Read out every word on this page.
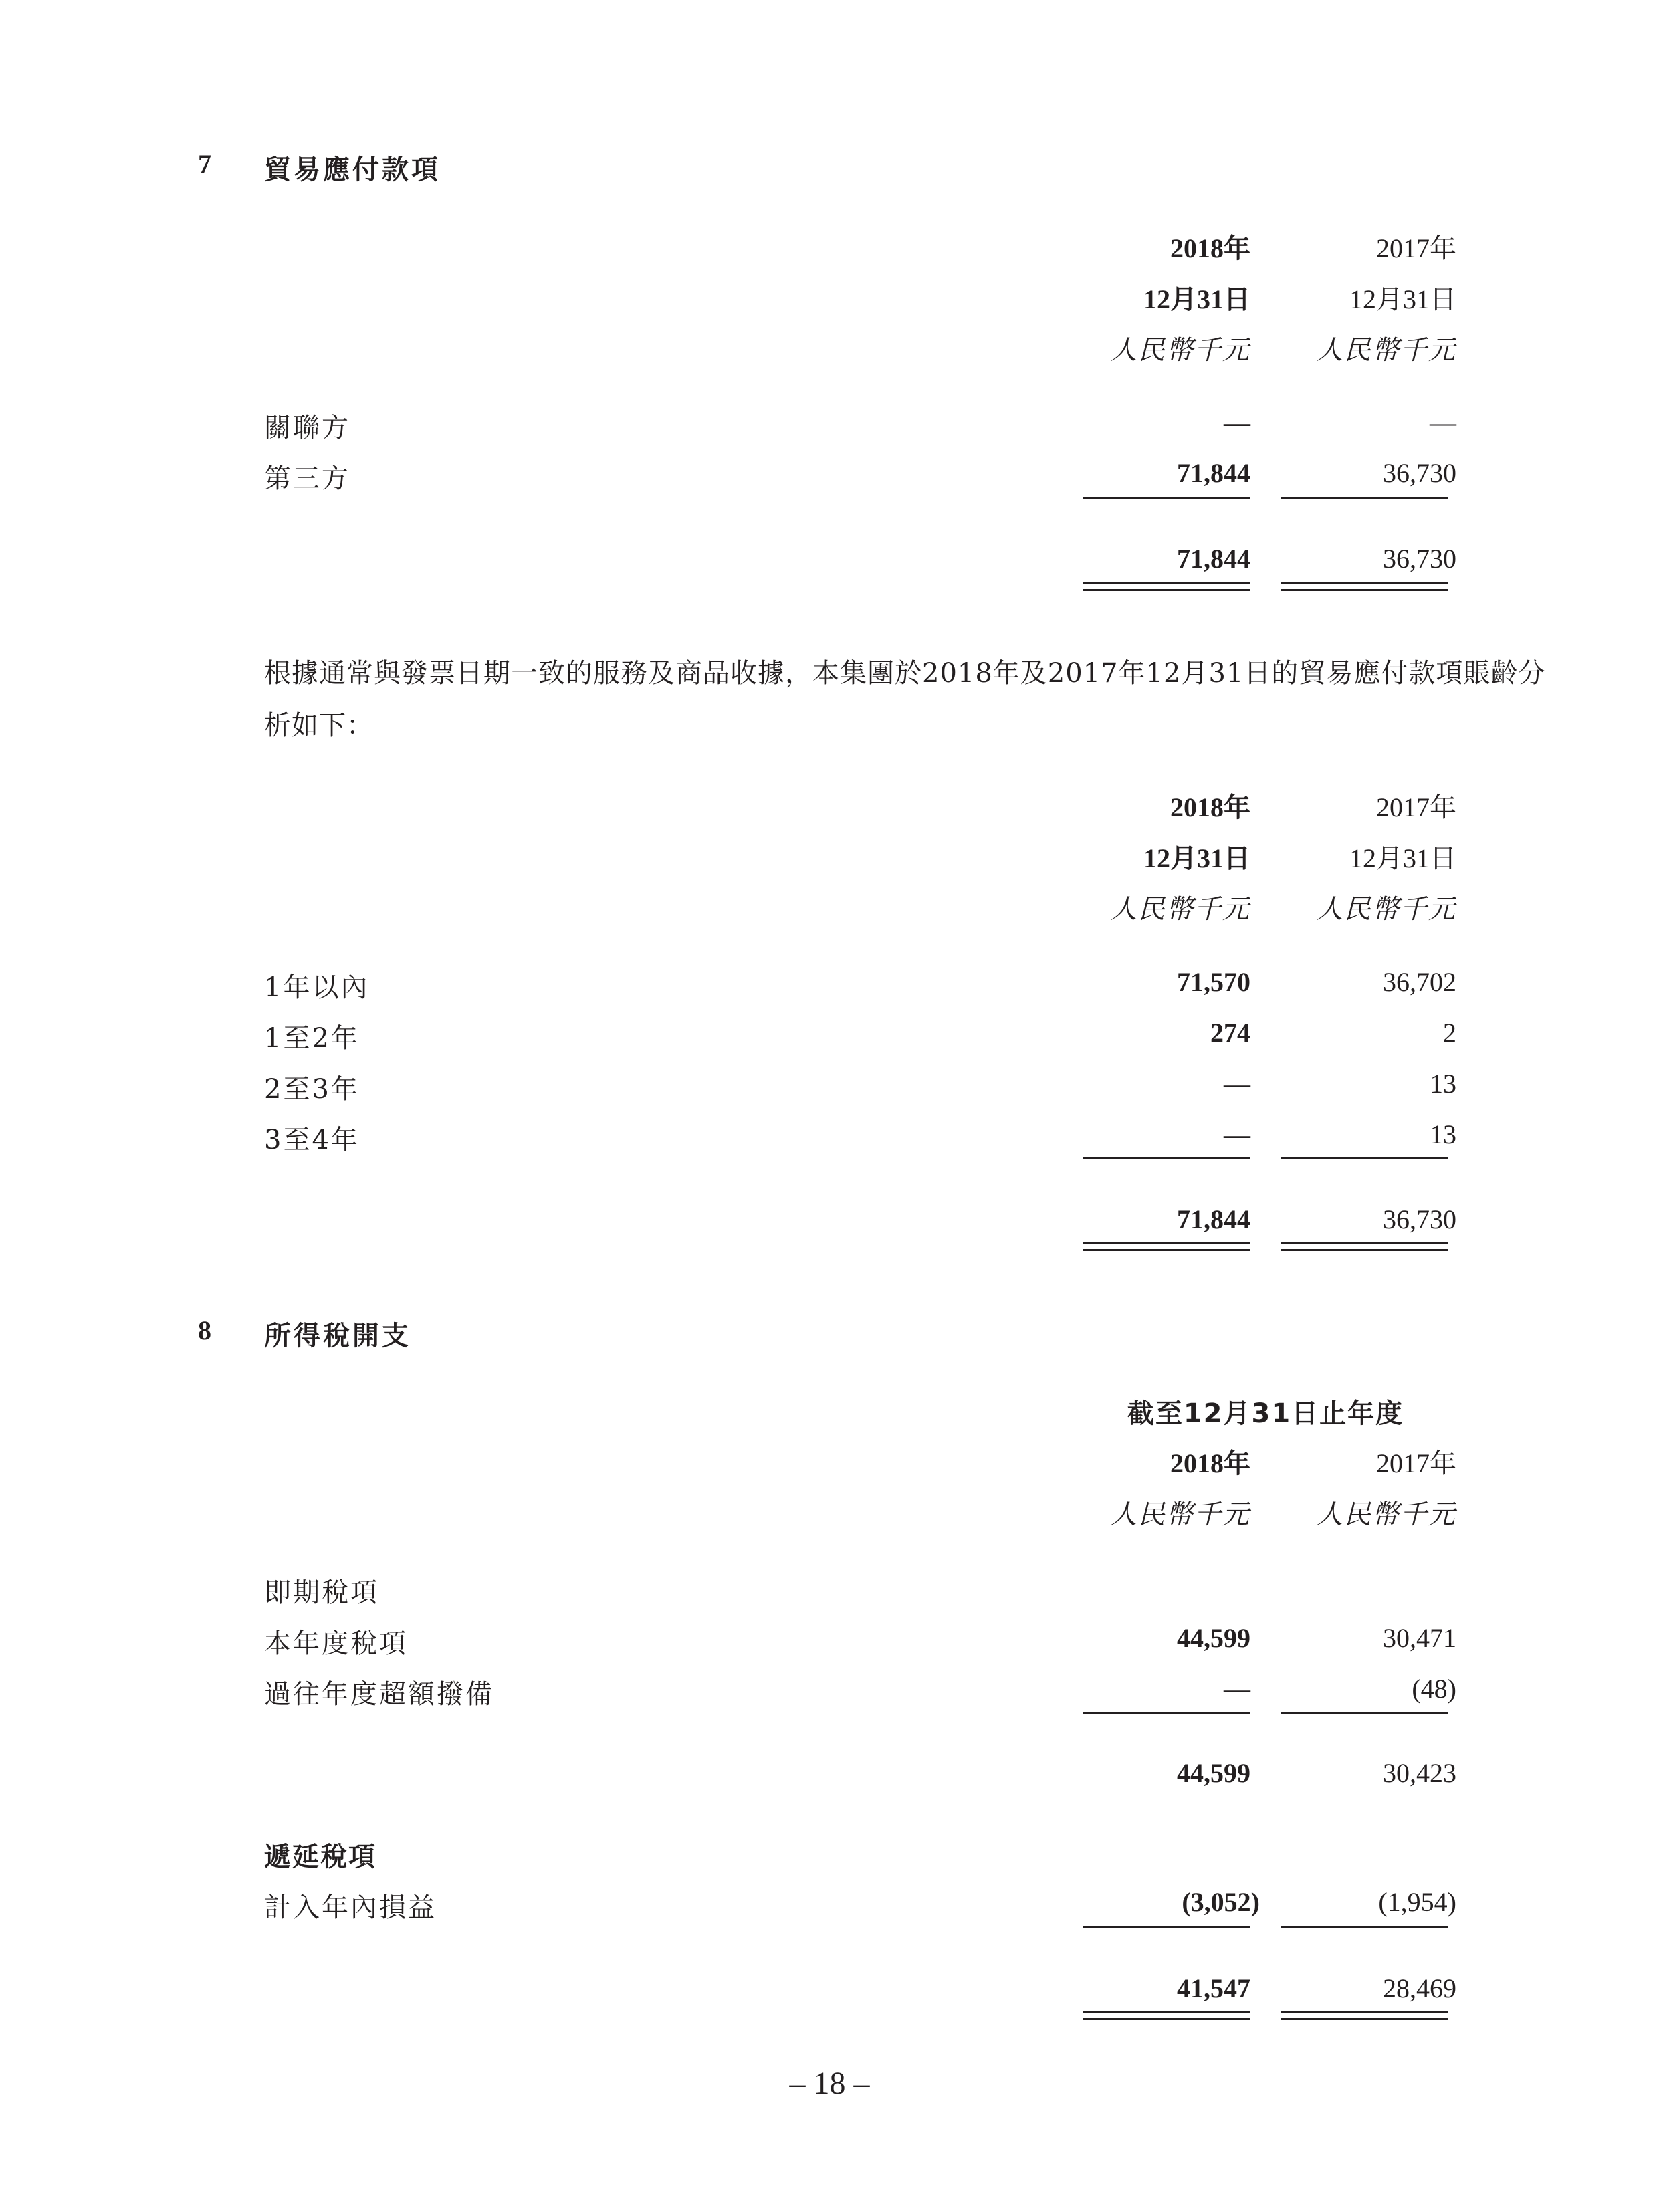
7 貿易應付款項
2018年	2017年
12月31日	12月31日
人民幣千元	人民幣千元
關聯方	—	—
第三方	71,844	36,730
71,844	36,730
根據通常與發票日期一致的服務及商品收據，本集團於2018年及2017年12月31日的貿易應付款項賬齡分析如下：
2018年	2017年
12月31日	12月31日
人民幣千元	人民幣千元
1年以內	71,570	36,702
1至2年	274	2
2至3年	—	13
3至4年	—	13
71,844	36,730
8 所得稅開支
截至12月31日止年度
2018年	2017年
人民幣千元	人民幣千元
即期稅項
本年度稅項	44,599	30,471
過往年度超額撥備	—	(48)
44,599	30,423
遞延稅項
計入年內損益	(3,052)	(1,954)
41,547	28,469
– 18 –
